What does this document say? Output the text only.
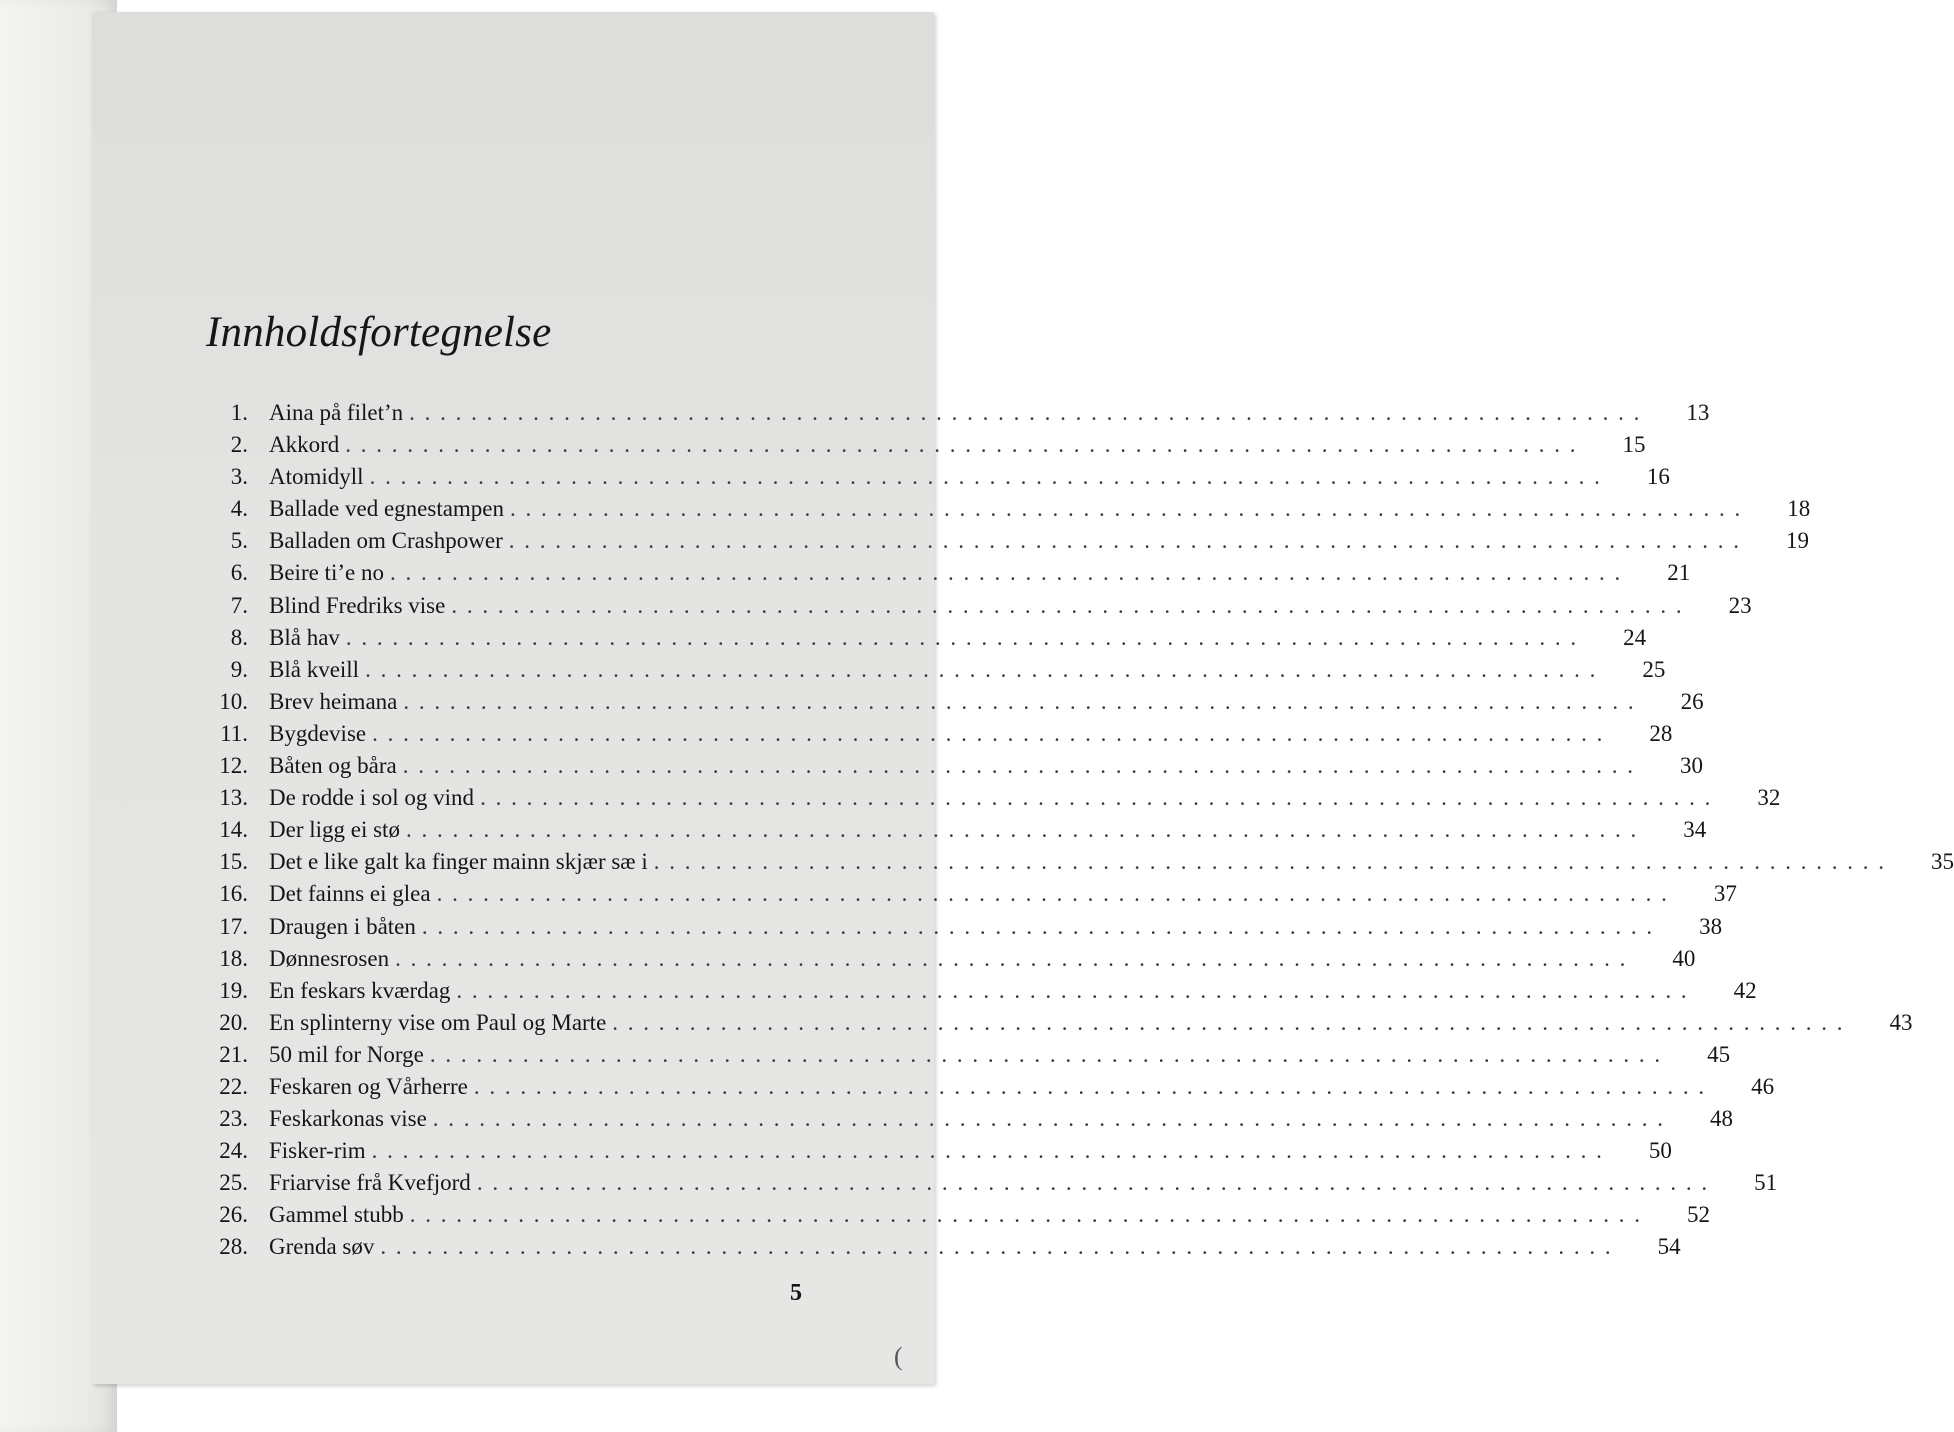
Innholdsfortegnelse
1. Aina på filet’n . . . . . . . . . . . . . . . . . . . . . . . . . . . . . . . . . . . . . . . . . . . . . . . . . . . . . . . . . . . . . . . . . . . . . . . . . . . . . . . .	13
2. Akkord . . . . . . . . . . . . . . . . . . . . . . . . . . . . . . . . . . . . . . . . . . . . . . . . . . . . . . . . . . . . . . . . . . . . . . . . . . . . . . . .	15
3. Atomidyll . . . . . . . . . . . . . . . . . . . . . . . . . . . . . . . . . . . . . . . . . . . . . . . . . . . . . . . . . . . . . . . . . . . . . . . . . . . . . . . .	16
4. Ballade ved egnestampen . . . . . . . . . . . . . . . . . . . . . . . . . . . . . . . . . . . . . . . . . . . . . . . . . . . . . . . . . . . . . . . . . . . . . . . . . . . . . . . .	18
5. Balladen om Crashpower . . . . . . . . . . . . . . . . . . . . . . . . . . . . . . . . . . . . . . . . . . . . . . . . . . . . . . . . . . . . . . . . . . . . . . . . . . . . . . . .	19
6. Beire ti’e no . . . . . . . . . . . . . . . . . . . . . . . . . . . . . . . . . . . . . . . . . . . . . . . . . . . . . . . . . . . . . . . . . . . . . . . . . . . . . . . .	21
7. Blind Fredriks vise . . . . . . . . . . . . . . . . . . . . . . . . . . . . . . . . . . . . . . . . . . . . . . . . . . . . . . . . . . . . . . . . . . . . . . . . . . . . . . . .	23
8. Blå hav . . . . . . . . . . . . . . . . . . . . . . . . . . . . . . . . . . . . . . . . . . . . . . . . . . . . . . . . . . . . . . . . . . . . . . . . . . . . . . . .	24
9. Blå kveill . . . . . . . . . . . . . . . . . . . . . . . . . . . . . . . . . . . . . . . . . . . . . . . . . . . . . . . . . . . . . . . . . . . . . . . . . . . . . . . .	25
10. Brev heimana . . . . . . . . . . . . . . . . . . . . . . . . . . . . . . . . . . . . . . . . . . . . . . . . . . . . . . . . . . . . . . . . . . . . . . . . . . . . . . . .	26
11. Bygdevise . . . . . . . . . . . . . . . . . . . . . . . . . . . . . . . . . . . . . . . . . . . . . . . . . . . . . . . . . . . . . . . . . . . . . . . . . . . . . . . .	28
12. Båten og båra . . . . . . . . . . . . . . . . . . . . . . . . . . . . . . . . . . . . . . . . . . . . . . . . . . . . . . . . . . . . . . . . . . . . . . . . . . . . . . . .	30
13. De rodde i sol og vind . . . . . . . . . . . . . . . . . . . . . . . . . . . . . . . . . . . . . . . . . . . . . . . . . . . . . . . . . . . . . . . . . . . . . . . . . . . . . . . .	32
14. Der ligg ei stø . . . . . . . . . . . . . . . . . . . . . . . . . . . . . . . . . . . . . . . . . . . . . . . . . . . . . . . . . . . . . . . . . . . . . . . . . . . . . . . .	34
15. Det e like galt ka finger mainn skjær sæ i . . . . . . . . . . . . . . . . . . . . . . . . . . . . . . . . . . . . . . . . . . . . . . . . . . . . . . . . . . . . . . . . . . . . . . . . . . . . . . . .	35
16. Det fainns ei glea . . . . . . . . . . . . . . . . . . . . . . . . . . . . . . . . . . . . . . . . . . . . . . . . . . . . . . . . . . . . . . . . . . . . . . . . . . . . . . . .	37
17. Draugen i båten . . . . . . . . . . . . . . . . . . . . . . . . . . . . . . . . . . . . . . . . . . . . . . . . . . . . . . . . . . . . . . . . . . . . . . . . . . . . . . . .	38
18. Dønnesrosen . . . . . . . . . . . . . . . . . . . . . . . . . . . . . . . . . . . . . . . . . . . . . . . . . . . . . . . . . . . . . . . . . . . . . . . . . . . . . . . .	40
19. En feskars kværdag . . . . . . . . . . . . . . . . . . . . . . . . . . . . . . . . . . . . . . . . . . . . . . . . . . . . . . . . . . . . . . . . . . . . . . . . . . . . . . . .	42
20. En splinterny vise om Paul og Marte . . . . . . . . . . . . . . . . . . . . . . . . . . . . . . . . . . . . . . . . . . . . . . . . . . . . . . . . . . . . . . . . . . . . . . . . . . . . . . . .	43
21. 50 mil for Norge . . . . . . . . . . . . . . . . . . . . . . . . . . . . . . . . . . . . . . . . . . . . . . . . . . . . . . . . . . . . . . . . . . . . . . . . . . . . . . . .	45
22. Feskaren og Vårherre . . . . . . . . . . . . . . . . . . . . . . . . . . . . . . . . . . . . . . . . . . . . . . . . . . . . . . . . . . . . . . . . . . . . . . . . . . . . . . . .	46
23. Feskarkonas vise . . . . . . . . . . . . . . . . . . . . . . . . . . . . . . . . . . . . . . . . . . . . . . . . . . . . . . . . . . . . . . . . . . . . . . . . . . . . . . . .	48
24. Fisker-rim . . . . . . . . . . . . . . . . . . . . . . . . . . . . . . . . . . . . . . . . . . . . . . . . . . . . . . . . . . . . . . . . . . . . . . . . . . . . . . . .	50
25. Friarvise frå Kvefjord . . . . . . . . . . . . . . . . . . . . . . . . . . . . . . . . . . . . . . . . . . . . . . . . . . . . . . . . . . . . . . . . . . . . . . . . . . . . . . . .	51
26. Gammel stubb . . . . . . . . . . . . . . . . . . . . . . . . . . . . . . . . . . . . . . . . . . . . . . . . . . . . . . . . . . . . . . . . . . . . . . . . . . . . . . . .	52
28. Grenda søv . . . . . . . . . . . . . . . . . . . . . . . . . . . . . . . . . . . . . . . . . . . . . . . . . . . . . . . . . . . . . . . . . . . . . . . . . . . . . . . .	54
5
(
